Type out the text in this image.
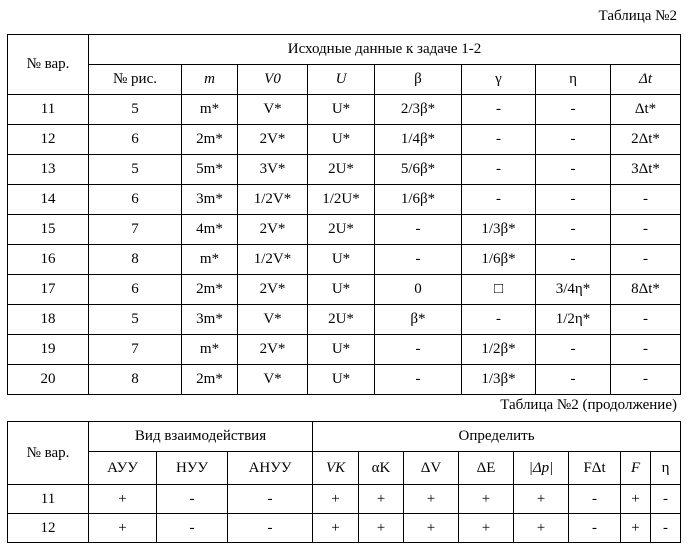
Таблица №2
№ вар.	Исходные данные к задаче 1-2							
	№ рис.	m	V0	U	β	γ	η	Δt
11	5	m*	V*	U*	2/3β*	-	-	Δt*
12	6	2m*	2V*	U*	1/4β*	-	-	2Δt*
13	5	5m*	3V*	2U*	5/6β*	-	-	3Δt*
14	6	3m*	1/2V*	1/2U*	1/6β*	-	-	-
15	7	4m*	2V*	2U*	-	1/3β*	-	-
16	8	m*	1/2V*	U*	-	1/6β*	-	-
17	6	2m*	2V*	U*	0	□	3/4η*	8Δt*
18	5	3m*	V*	2U*	β*	-	1/2η*	-
19	7	m*	2V*	U*	-	1/2β*	-	-
20	8	2m*	V*	U*	-	1/3β*	-	-
Таблица №2 (продолжение)
№ вар.	Вид взаимодействия			Определить							
	АУУ	НУУ	АНУУ	VK	αK	ΔV	ΔE	|Δp|	FΔt	F	η
11	+	-	-	+	+	+	+	+	-	+	-
12	+	-	-	+	+	+	+	+	-	+	-
